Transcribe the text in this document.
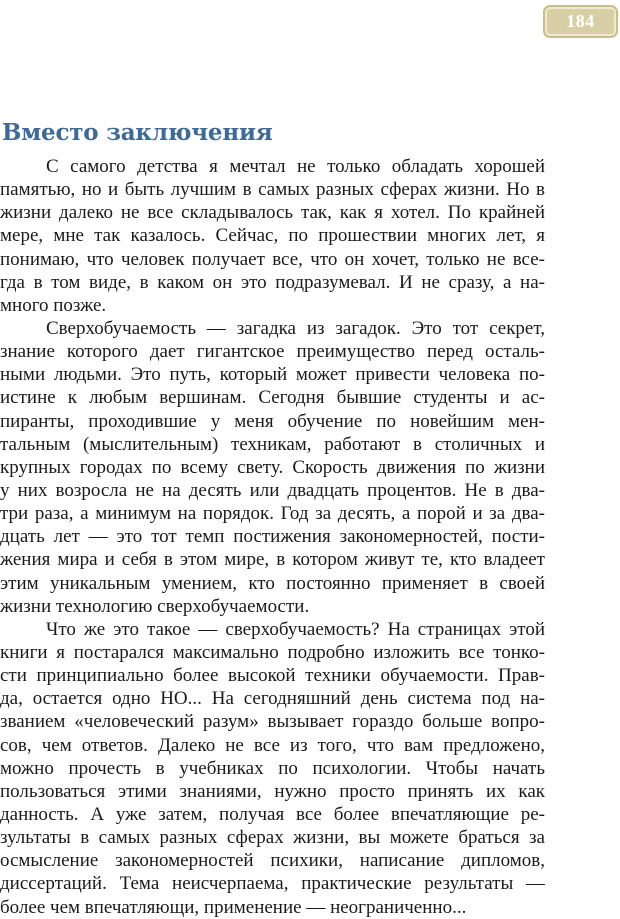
184
Вместо заключения
С самого детства я мечтал не только обладать хорошей
памятью, но и быть лучшим в самых разных сферах жизни. Но в
жизни далеко не все складывалось так, как я хотел. По крайней
мере, мне так казалось. Сейчас, по прошествии многих лет, я
понимаю, что человек получает все, что он хочет, только не все-
гда в том виде, в каком он это подразумевал. И не сразу, а на-
много позже.
Сверхобучаемость — загадка из загадок. Это тот секрет,
знание которого дает гигантское преимущество перед осталь-
ными людьми. Это путь, который может привести человека по-
истине к любым вершинам. Сегодня бывшие студенты и ас-
пиранты, проходившие у меня обучение по новейшим мен-
тальным (мыслительным) техникам, работают в столичных и
крупных городах по всему свету. Скорость движения по жизни
у них возросла не на десять или двадцать процентов. Не в два-
три раза, а минимум на порядок. Год за десять, а порой и за два-
дцать лет — это тот темп постижения закономерностей, пости-
жения мира и себя в этом мире, в котором живут те, кто владеет
этим уникальным умением, кто постоянно применяет в своей
жизни технологию сверхобучаемости.
Что же это такое — сверхобучаемость? На страницах этой
книги я постарался максимально подробно изложить все тонко-
сти принципиально более высокой техники обучаемости. Прав-
да, остается одно НО... На сегодняшний день система под на-
званием «человеческий разум» вызывает гораздо больше вопро-
сов, чем ответов. Далеко не все из того, что вам предложено,
можно прочесть в учебниках по психологии. Чтобы начать
пользоваться этими знаниями, нужно просто принять их как
данность. А уже затем, получая все более впечатляющие ре-
зультаты в самых разных сферах жизни, вы можете браться за
осмысление закономерностей психики, написание дипломов,
диссертаций. Тема неисчерпаема, практические результаты —
более чем впечатляющи, применение — неограниченно...
